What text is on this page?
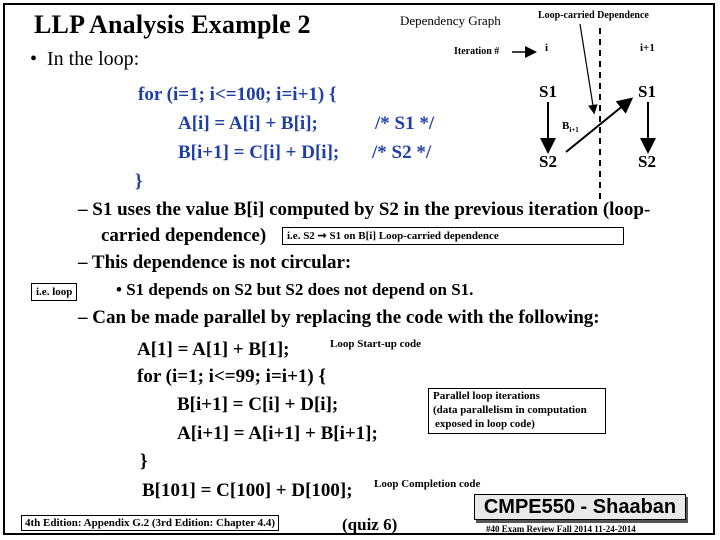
LLP Analysis Example 2
•  In the loop:
for (i=1; i<=100; i=i+1) {
A[i] = A[i] + B[i];
B[i+1] = C[i] + D[i];
/* S1 */
/* S2 */
}
– S1 uses the value B[i] computed by S2 in the previous iteration (loop-
carried dependence)	i.e. S2 ➞ S1 on B[i] Loop-carried dependence
– This dependence is not circular:
i.e. loop	• S1 depends on S2 but S2 does not depend on S1.
– Can be made parallel by replacing the code with the following:
A[1] = A[1] + B[1];
for (i=1; i<=99; i=i+1) {
B[i+1] = C[i] + D[i];
A[i+1] = A[i+1] + B[i+1];
}
B[101] = C[100] + D[100];
Loop Start-up code
Parallel loop iterations
(data parallelism in computation
exposed in loop code)
Loop Completion code
4th Edition: Appendix G.2 (3rd Edition: Chapter 4.4)	(quiz 6)
CMPE550 - Shaaban
#40 Exam Review Fall 2014 11-24-2014
Dependency Graph	Loop-carried Dependence
Iteration #	i	i+1
S1	S1
S2	S2
$B_{i+1}$
